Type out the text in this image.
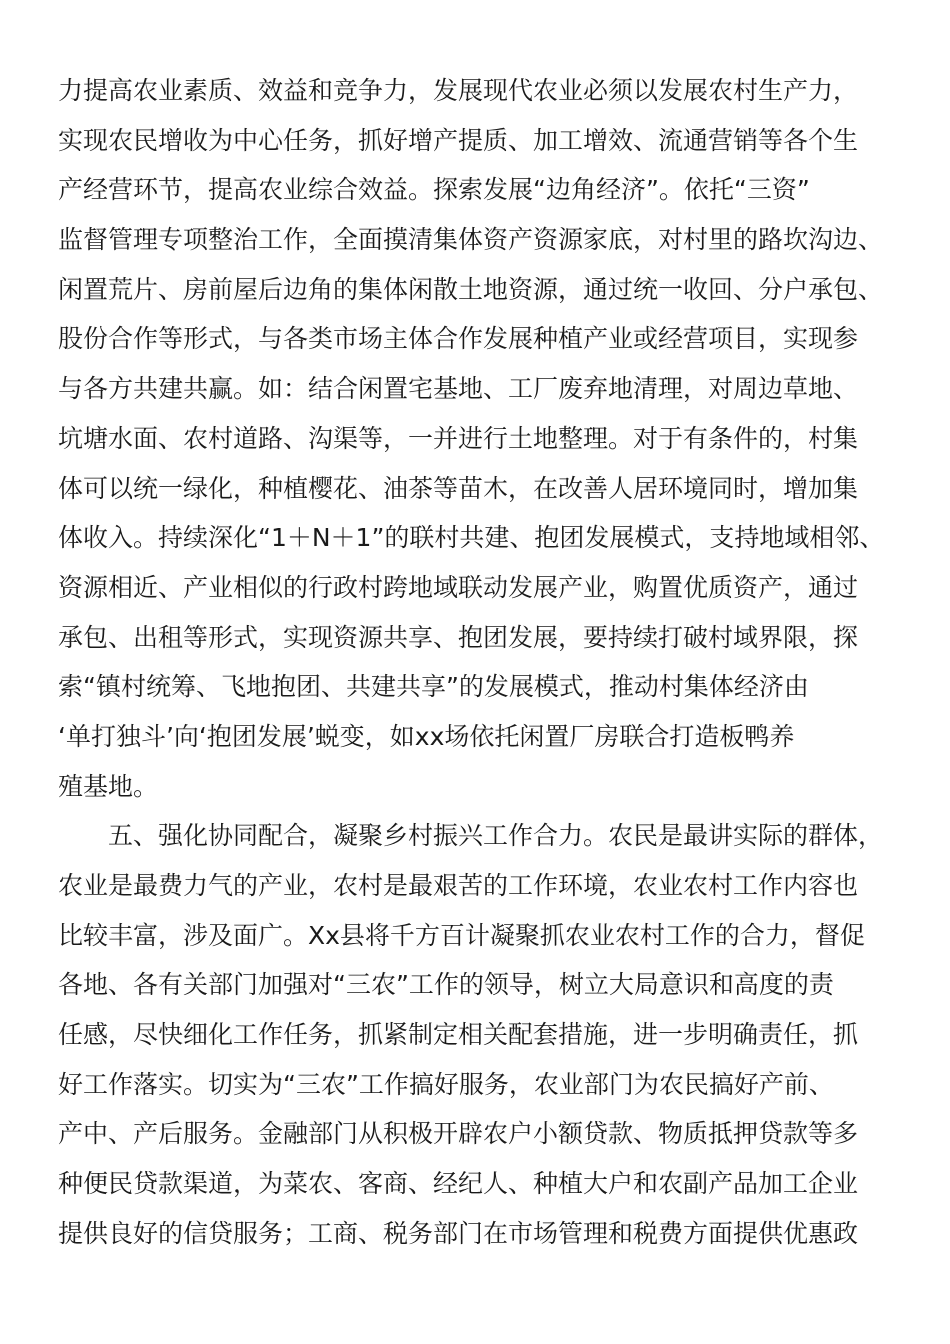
力提高农业素质、效益和竞争力，发展现代农业必须以发展农村生产力，
实现农民增收为中心任务，抓好增产提质、加工增效、流通营销等各个生
产经营环节，提高农业综合效益。探索发展“边角经济”。依托“三资”
监督管理专项整治工作，全面摸清集体资产资源家底，对村里的路坎沟边、
闲置荒片、房前屋后边角的集体闲散土地资源，通过统一收回、分户承包、
股份合作等形式，与各类市场主体合作发展种植产业或经营项目，实现参
与各方共建共赢。如：结合闲置宅基地、工厂废弃地清理，对周边草地、
坑塘水面、农村道路、沟渠等，一并进行土地整理。对于有条件的，村集
体可以统一绿化，种植樱花、油茶等苗木，在改善人居环境同时，增加集
体收入。持续深化“1＋N＋1”的联村共建、抱团发展模式，支持地域相邻、
资源相近、产业相似的行政村跨地域联动发展产业，购置优质资产，通过
承包、出租等形式，实现资源共享、抱团发展，要持续打破村域界限，探
索“镇村统筹、飞地抱团、共建共享”的发展模式，推动村集体经济由
‘单打独斗’向‘抱团发展’蜕变，如xx场依托闲置厂房联合打造板鸭养
殖基地。
五、强化协同配合，凝聚乡村振兴工作合力。农民是最讲实际的群体，
农业是最费力气的产业，农村是最艰苦的工作环境，农业农村工作内容也
比较丰富，涉及面广。Xx县将千方百计凝聚抓农业农村工作的合力，督促
各地、各有关部门加强对“三农”工作的领导，树立大局意识和高度的责
任感，尽快细化工作任务，抓紧制定相关配套措施，进一步明确责任，抓
好工作落实。切实为“三农”工作搞好服务，农业部门为农民搞好产前、
产中、产后服务。金融部门从积极开辟农户小额贷款、物质抵押贷款等多
种便民贷款渠道，为菜农、客商、经纪人、种植大户和农副产品加工企业
提供良好的信贷服务；工商、税务部门在市场管理和税费方面提供优惠政
